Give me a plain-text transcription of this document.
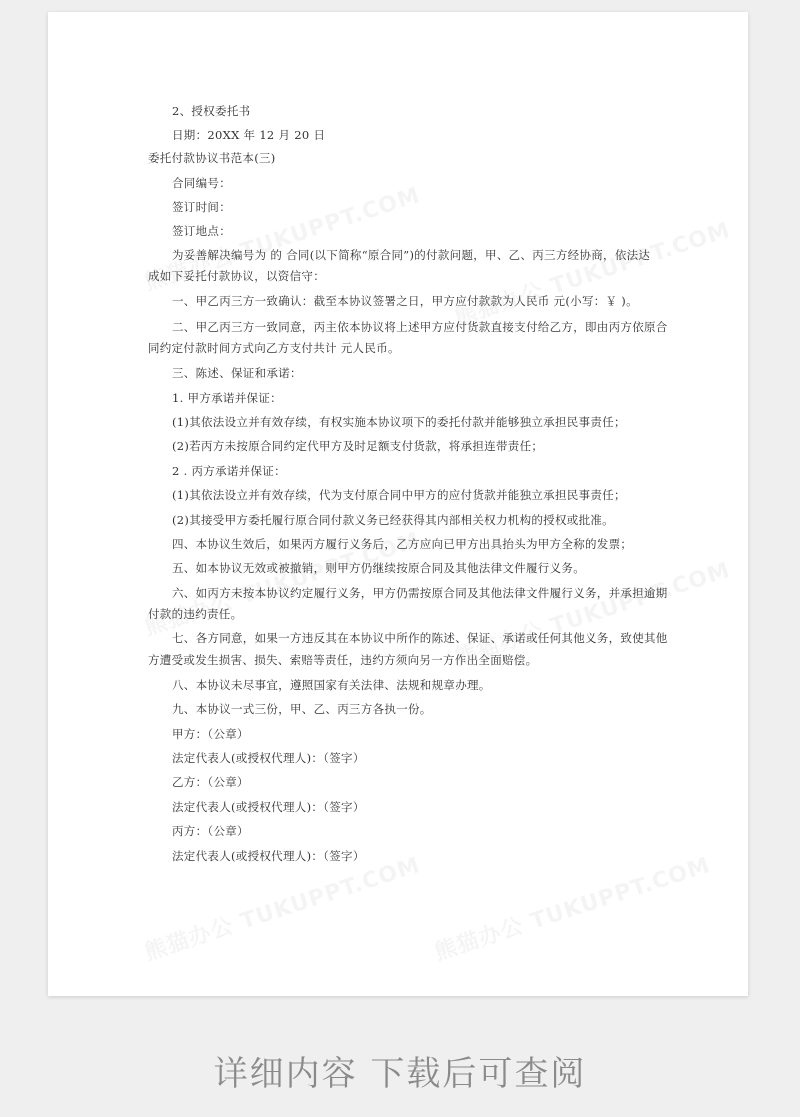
2、授权委托书
日期：20XX 年 12 月 20 日
委托付款协议书范本(三)
合同编号：
签订时间：
签订地点：
为妥善解决编号为 的 合同(以下简称“原合同”)的付款问题，甲、乙、丙三方经协商，依法达
成如下妥托付款协议，以资信守：
一、甲乙丙三方一致确认：截至本协议签署之日，甲方应付款款为人民币 元(小写：￥ )。
二、甲乙丙三方一致同意，丙主依本协议将上述甲方应付货款直接支付给乙方，即由丙方依原合
同约定付款时间方式向乙方支付共计 元人民币。
三、陈述、保证和承诺：
1. 甲方承诺并保证：
(1)其依法设立并有效存续，有权实施本协议项下的委托付款并能够独立承担民事责任；
(2)若丙方未按原合同约定代甲方及时足额支付货款，将承担连带责任；
2 . 丙方承诺并保证：
(1)其依法设立并有效存续，代为支付原合同中甲方的应付货款并能独立承担民事责任；
(2)其接受甲方委托履行原合同付款义务已经获得其内部相关权力机构的授权或批准。
四、本协议生效后，如果丙方履行义务后，乙方应向已甲方出具抬头为甲方全称的发票；
五、如本协议无效或被撤销，则甲方仍继续按原合同及其他法律文件履行义务。
六、如丙方未按本协议约定履行义务，甲方仍需按原合同及其他法律文件履行义务，并承担逾期
付款的违约责任。
七、各方同意，如果一方违反其在本协议中所作的陈述、保证、承诺或任何其他义务，致使其他
方遭受或发生损害、损失、索赔等责任，违约方须向另一方作出全面赔偿。
八、本协议未尽事宜，遵照国家有关法律、法规和规章办理。
九、本协议一式三份，甲、乙、丙三方各执一份。
甲方：（公章）
法定代表人(或授权代理人)：（签字）
乙方：（公章）
法定代表人(或授权代理人)：（签字）
丙方：（公章）
法定代表人(或授权代理人)：（签字）
详细内容 下载后可查阅
